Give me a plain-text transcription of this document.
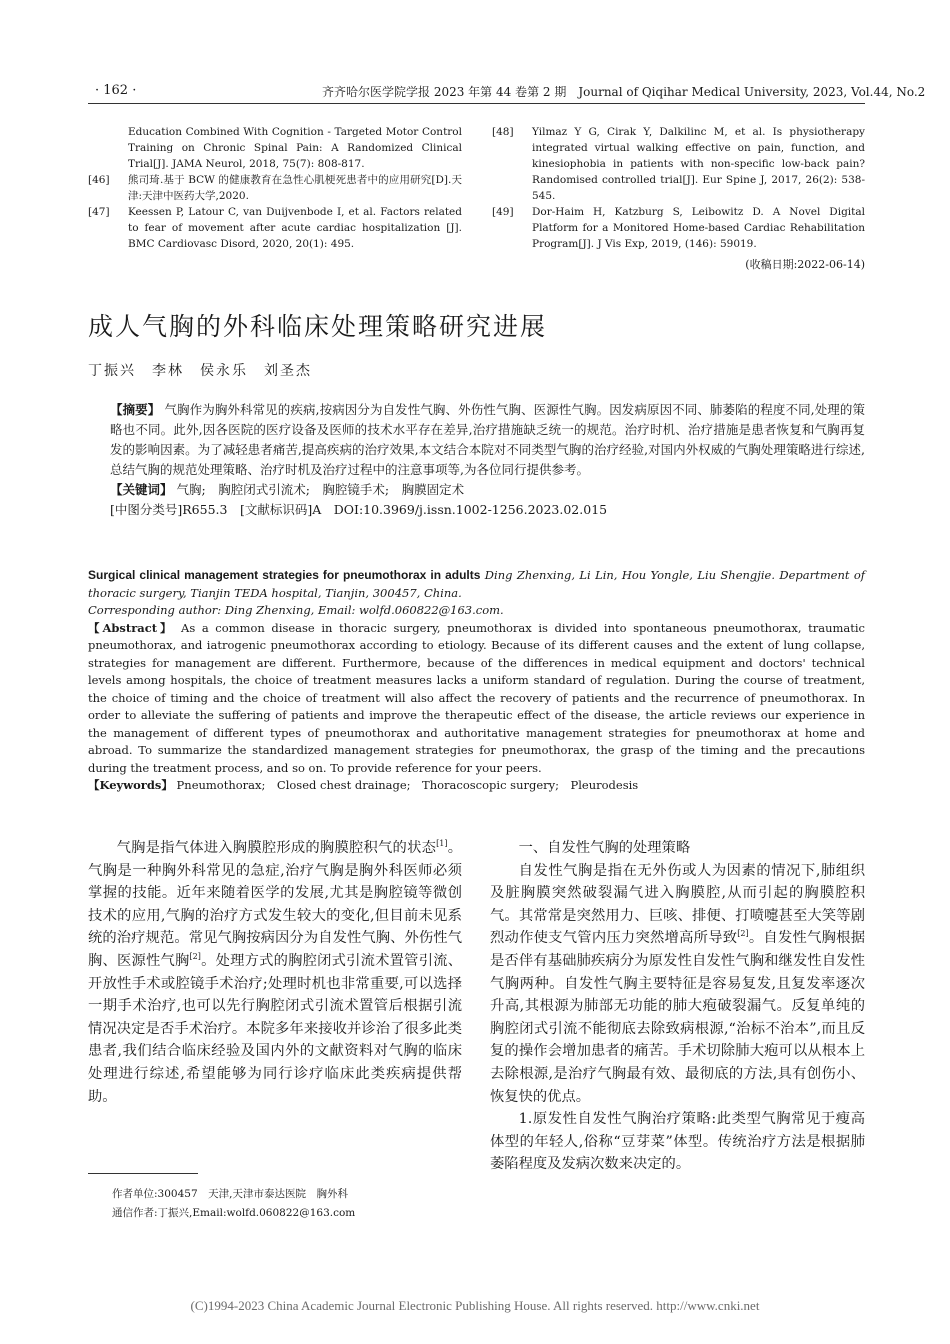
· 162 ·	齐齐哈尔医学院学报 2023 年第 44 卷第 2 期　Journal of Qiqihar Medical University, 2023, Vol.44, No.2
Education Combined With Cognition - Targeted Motor Control Training on Chronic Spinal Pain: A Randomized Clinical Trial[J]. JAMA Neurol, 2018, 75(7): 808-817.
[46]	熊司琦.基于 BCW 的健康教育在急性心肌梗死患者中的应用研究[D].天津:天津中医药大学,2020.
[47]	Keessen P, Latour C, van Duijvenbode I, et al. Factors related to fear of movement after acute cardiac hospitalization [J]. BMC Cardiovasc Disord, 2020, 20(1): 495.
[48]	Yilmaz Y G, Cirak Y, Dalkilinc M, et al. Is physiotherapy integrated virtual walking effective on pain, function, and kinesiophobia in patients with non-specific low-back pain? Randomised controlled trial[J]. Eur Spine J, 2017, 26(2): 538-545.
[49]	Dor-Haim H, Katzburg S, Leibowitz D. A Novel Digital Platform for a Monitored Home-based Cardiac Rehabilitation Program[J]. J Vis Exp, 2019, (146): 59019.
(收稿日期:2022-06-14)
成人气胸的外科临床处理策略研究进展
丁振兴　李林　侯永乐　刘圣杰
【摘要】 气胸作为胸外科常见的疾病,按病因分为自发性气胸、外伤性气胸、医源性气胸。因发病原因不同、肺萎陷的程度不同,处理的策略也不同。此外,因各医院的医疗设备及医师的技术水平存在差异,治疗措施缺乏统一的规范。治疗时机、治疗措施是患者恢复和气胸再复发的影响因素。为了减轻患者痛苦,提高疾病的治疗效果,本文结合本院对不同类型气胸的治疗经验,对国内外权威的气胸处理策略进行综述,总结气胸的规范处理策略、治疗时机及治疗过程中的注意事项等,为各位同行提供参考。
【关键词】 气胸;　胸腔闭式引流术;　胸腔镜手术;　胸膜固定术
[中图分类号]R655.3　[文献标识码]A　DOI:10.3969/j.issn.1002-1256.2023.02.015
Surgical clinical management strategies for pneumothorax in adults Ding Zhenxing, Li Lin, Hou Yongle, Liu Shengjie. Department of thoracic surgery, Tianjin TEDA hospital, Tianjin, 300457, China.
Corresponding author: Ding Zhenxing, Email: wolfd.060822@163.com.
【Abstract】 As a common disease in thoracic surgery, pneumothorax is divided into spontaneous pneumothorax, traumatic pneumothorax, and iatrogenic pneumothorax according to etiology. Because of its different causes and the extent of lung collapse, strategies for management are different. Furthermore, because of the differences in medical equipment and doctors' technical levels among hospitals, the choice of treatment measures lacks a uniform standard of regulation. During the course of treatment, the choice of timing and the choice of treatment will also affect the recovery of patients and the recurrence of pneumothorax. In order to alleviate the suffering of patients and improve the therapeutic effect of the disease, the article reviews our experience in the management of different types of pneumothorax and authoritative management strategies for pneumothorax at home and abroad. To summarize the standardized management strategies for pneumothorax, the grasp of the timing and the precautions during the treatment process, and so on. To provide reference for your peers.
【Keywords】 Pneumothorax;　Closed chest drainage;　Thoracoscopic surgery;　Pleurodesis

气胸是指气体进入胸膜腔形成的胸膜腔积气的状态[1]。气胸是一种胸外科常见的急症,治疗气胸是胸外科医师必须掌握的技能。近年来随着医学的发展,尤其是胸腔镜等微创技术的应用,气胸的治疗方式发生较大的变化,但目前未见系统的治疗规范。常见气胸按病因分为自发性气胸、外伤性气胸、医源性气胸[2]。处理方式的胸腔闭式引流术置管引流、开放性手术或腔镜手术治疗;处理时机也非常重要,可以选择一期手术治疗,也可以先行胸腔闭式引流术置管后根据引流情况决定是否手术治疗。本院多年来接收并诊治了很多此类患者,我们结合临床经验及国内外的文献资料对气胸的临床处理进行综述,希望能够为同行诊疗临床此类疾病提供帮助。

一、自发性气胸的处理策略

自发性气胸是指在无外伤或人为因素的情况下,肺组织及脏胸膜突然破裂漏气进入胸膜腔,从而引起的胸膜腔积气。其常常是突然用力、巨咳、排便、打喷嚏甚至大笑等剧烈动作使支气管内压力突然增高所导致[2]。自发性气胸根据是否伴有基础肺疾病分为原发性自发性气胸和继发性自发性气胸两种。自发性气胸主要特征是容易复发,且复发率逐次升高,其根源为肺部无功能的肺大疱破裂漏气。反复单纯的胸腔闭式引流不能彻底去除致病根源,“治标不治本”,而且反复的操作会增加患者的痛苦。手术切除肺大疱可以从根本上去除根源,是治疗气胸最有效、最彻底的方法,具有创伤小、恢复快的优点。

1.原发性自发性气胸治疗策略:此类型气胸常见于瘦高体型的年轻人,俗称“豆芽菜”体型。传统治疗方法是根据肺萎陷程度及发病次数来决定的。

作者单位:300457　天津,天津市泰达医院　胸外科
通信作者:丁振兴,Email:wolfd.060822@163.com
(C)1994-2023 China Academic Journal Electronic Publishing House. All rights reserved. http://www.cnki.net
